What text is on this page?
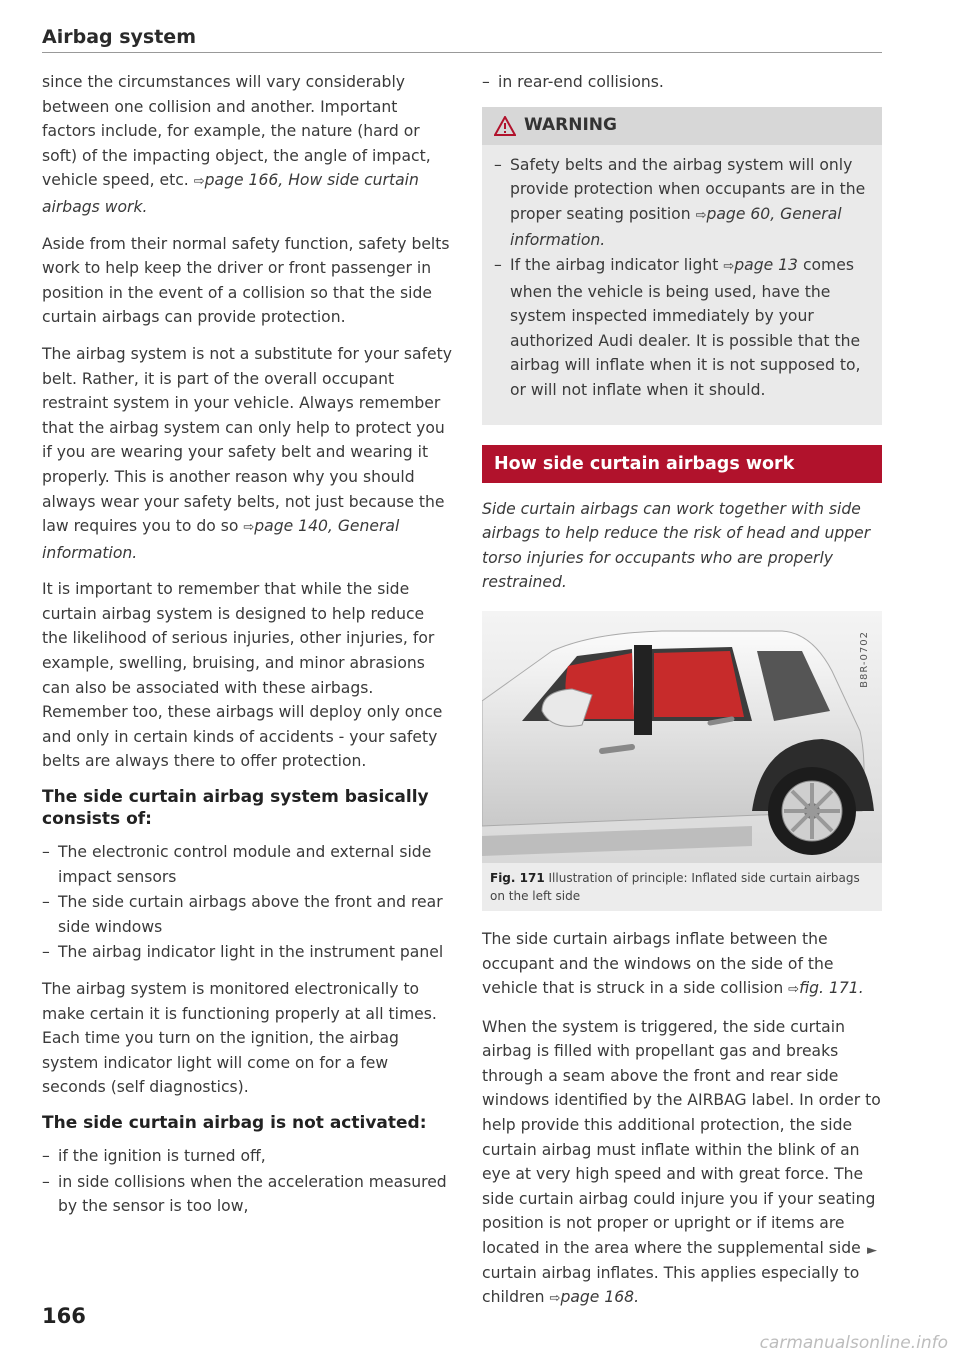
Airbag system

since the circumstances will vary considerably between one collision and another. Important factors include, for example, the nature (hard or soft) of the impacting object, the angle of impact, vehicle speed, etc. ⇨page 166, How side curtain airbags work.

Aside from their normal safety function, safety belts work to help keep the driver or front passenger in position in the event of a collision so that the side curtain airbags can provide protection.

The airbag system is not a substitute for your safety belt. Rather, it is part of the overall occupant restraint system in your vehicle. Always remember that the airbag system can only help to protect you if you are wearing your safety belt and wearing it properly. This is another reason why you should always wear your safety belts, not just because the law requires you to do so ⇨page 140, General information.

It is important to remember that while the side curtain airbag system is designed to help reduce the likelihood of serious injuries, other injuries, for example, swelling, bruising, and minor abrasions can also be associated with these airbags. Remember too, these airbags will deploy only once and only in certain kinds of accidents - your safety belts are always there to offer protection.

The side curtain airbag system basically consists of:
– The electronic control module and external side impact sensors
– The side curtain airbags above the front and rear side windows
– The airbag indicator light in the instrument panel

The airbag system is monitored electronically to make certain it is functioning properly at all times. Each time you turn on the ignition, the airbag system indicator light will come on for a few seconds (self diagnostics).

The side curtain airbag is not activated:
– if the ignition is turned off,
– in side collisions when the acceleration measured by the sensor is too low,
– in rear-end collisions.
WARNING
– Safety belts and the airbag system will only provide protection when occupants are in the proper seating position ⇨page 60, General information.
– If the airbag indicator light ⇨page 13 comes when the vehicle is being used, have the system inspected immediately by your authorized Audi dealer. It is possible that the airbag will inflate when it is not supposed to, or will not inflate when it should.
How side curtain airbags work

Side curtain airbags can work together with side airbags to help reduce the risk of head and upper torso injuries for occupants who are properly restrained.

B8R-0702
Fig. 171 Illustration of principle: Inflated side curtain airbags on the left side

The side curtain airbags inflate between the occupant and the windows on the side of the vehicle that is struck in a side collision ⇨fig. 171.

When the system is triggered, the side curtain airbag is filled with propellant gas and breaks through a seam above the front and rear side windows identified by the AIRBAG label. In order to help provide this additional protection, the side curtain airbag must inflate within the blink of an eye at very high speed and with great force. The side curtain airbag could injure you if your seating position is not proper or upright or if items are located in the area where the supplemental side curtain airbag inflates. This applies especially to children ⇨page 168.

►
166
carmanualsonline.info
